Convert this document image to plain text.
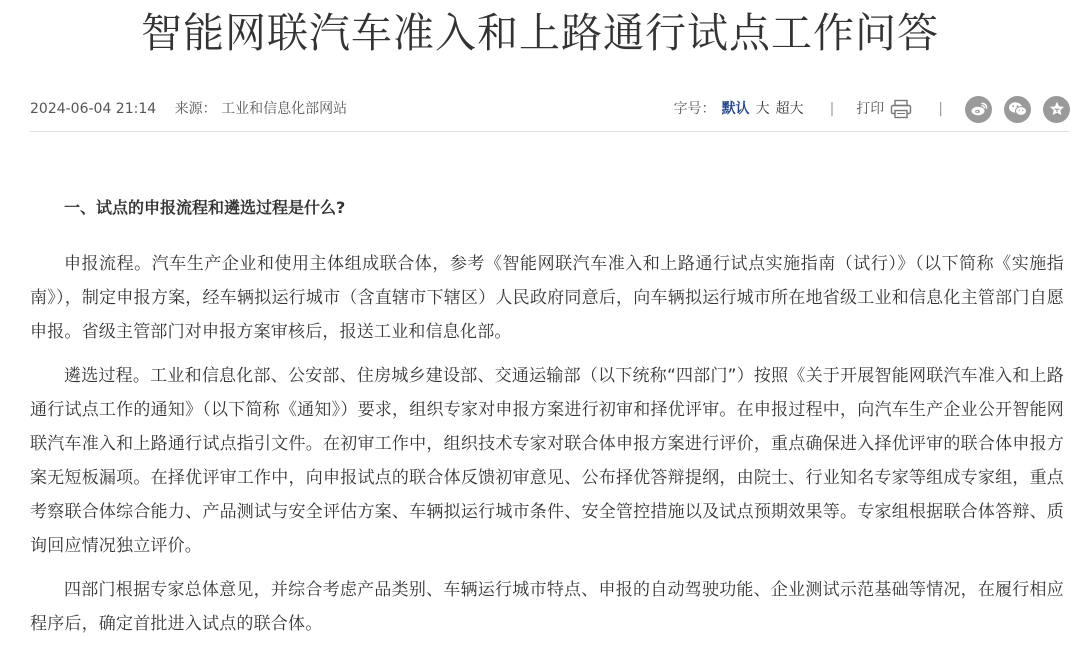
智能网联汽车准入和上路通行试点工作问答
2024-06-04 21:14 来源： 工业和信息化部网站	字号： 默认 大 超大 | 打印	|

一、试点的申报流程和遴选过程是什么?

申报流程。汽车生产企业和使用主体组成联合体，参考《智能网联汽车准入和上路通行试点实施指南（试行）》（以下简称《实施指南》），制定申报方案，经车辆拟运行城市（含直辖市下辖区）人民政府同意后，向车辆拟运行城市所在地省级工业和信息化主管部门自愿申报。省级主管部门对申报方案审核后，报送工业和信息化部。

遴选过程。工业和信息化部、公安部、住房城乡建设部、交通运输部（以下统称“四部门”）按照《关于开展智能网联汽车准入和上路通行试点工作的通知》（以下简称《通知》）要求，组织专家对申报方案进行初审和择优评审。在申报过程中，向汽车生产企业公开智能网联汽车准入和上路通行试点指引文件。在初审工作中，组织技术专家对联合体申报方案进行评价，重点确保进入择优评审的联合体申报方案无短板漏项。在择优评审工作中，向申报试点的联合体反馈初审意见、公布择优答辩提纲，由院士、行业知名专家等组成专家组，重点考察联合体综合能力、产品测试与安全评估方案、车辆拟运行城市条件、安全管控措施以及试点预期效果等。专家组根据联合体答辩、质询回应情况独立评价。

四部门根据专家总体意见，并综合考虑产品类别、车辆运行城市特点、申报的自动驾驶功能、企业测试示范基础等情况，在履行相应程序后，确定首批进入试点的联合体。
